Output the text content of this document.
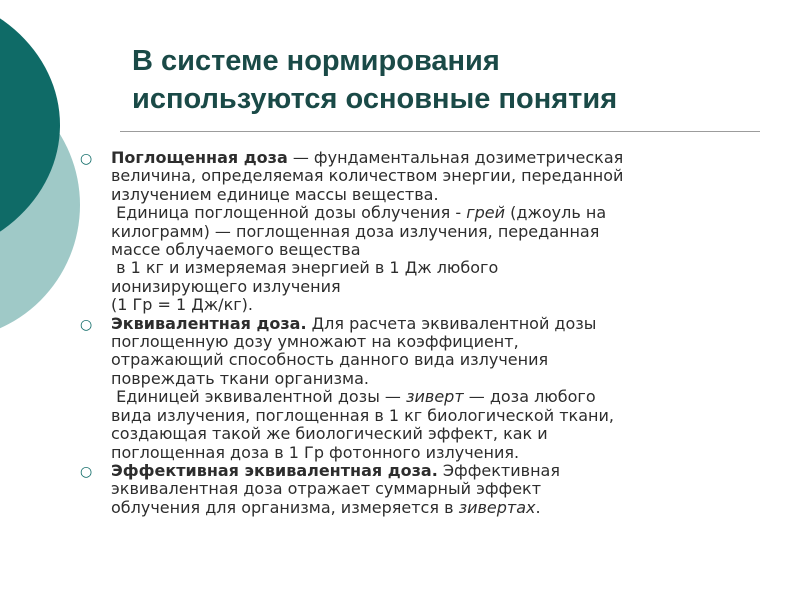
В системе нормирования
используются основные понятия
○ Поглощенная доза — фундаментальная дозиметрическая
величина, определяемая количеством энергии, переданной
излучением единице массы вещества.
Единица поглощенной дозы облучения - грей (джоуль на
килограмм) — поглощенная доза излучения, переданная
массе облучаемого вещества
в 1 кг и измеряемая энергией в 1 Дж любого
ионизирующего излучения
(1 Гр = 1 Дж/кг).
○ Эквивалентная доза. Для расчета эквивалентной дозы
поглощенную дозу умножают на коэффициент,
отражающий способность данного вида излучения
повреждать ткани организма.
Единицей эквивалентной дозы — зиверт — доза любого
вида излучения, поглощенная в 1 кг биологической ткани,
создающая такой же биологический эффект, как и
поглощенная доза в 1 Гр фотонного излучения.
○ Эффективная эквивалентная доза. Эффективная
эквивалентная доза отражает суммарный эффект
облучения для организма, измеряется в зивертах.
